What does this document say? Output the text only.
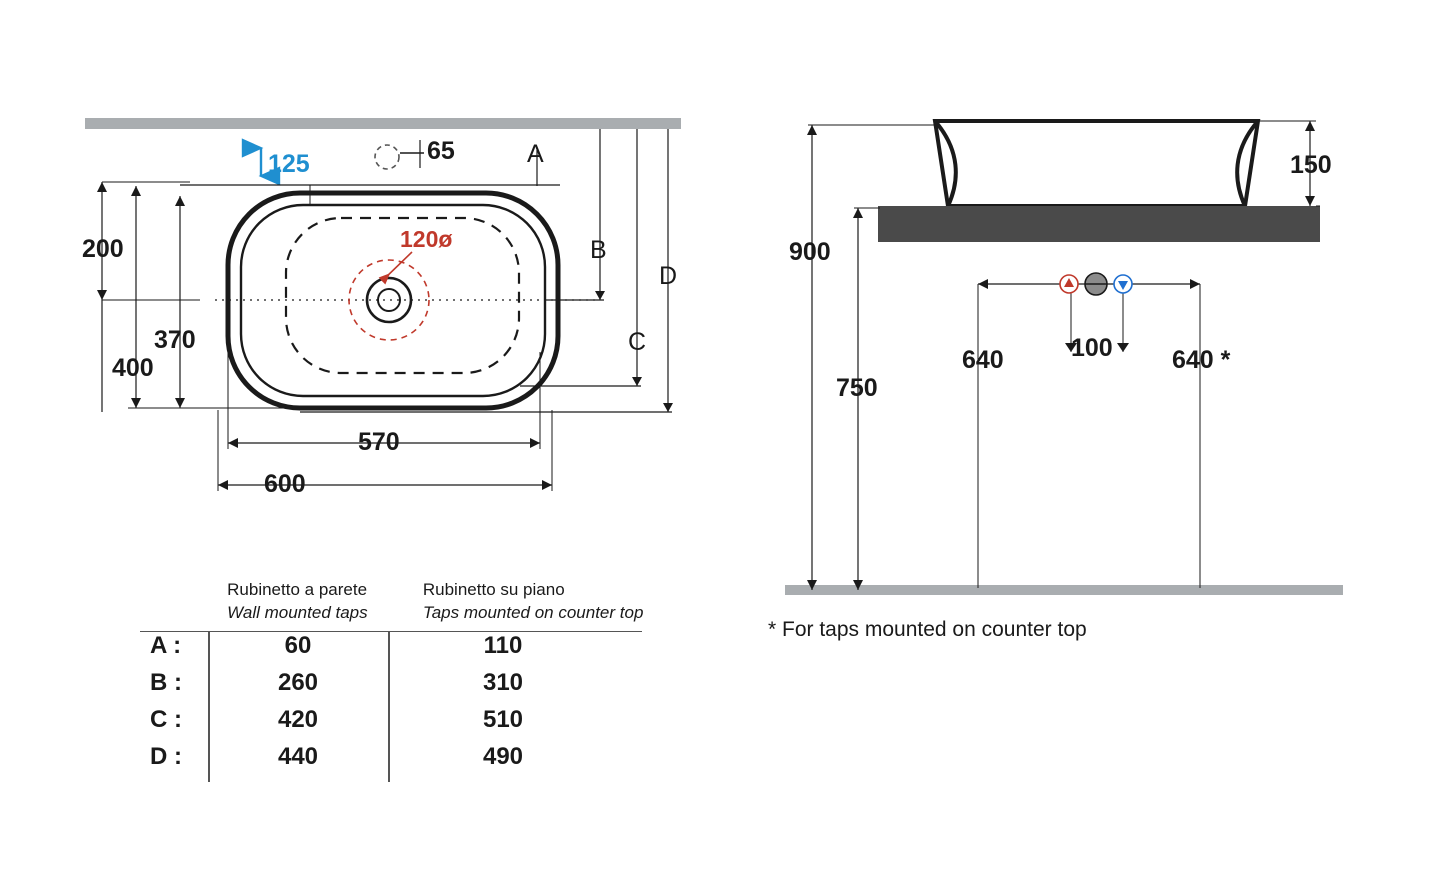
125	65
120ø
200
370
400
570
600
A
B
C
D
150
900
750
640	100 640 *
* For taps mounted on counter top
Rubinetto a parete
Wall mounted taps
Rubinetto su piano
Taps mounted on counter top
A :	60	110
B :	260	310
C :	420	510
D :	440	490
